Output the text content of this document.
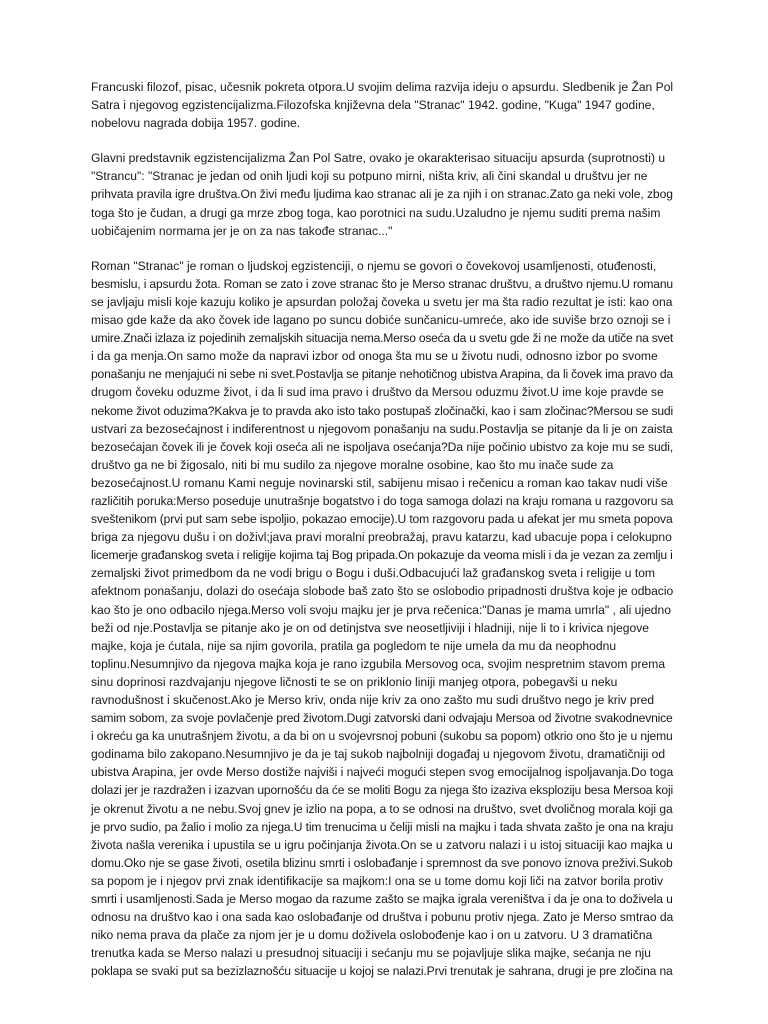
Francuski filozof, pisac, učesnik pokreta otpora.U svojim delima razvija ideju o apsurdu. Sledbenik je Žan Pol
Satra i njegovog egzistencijalizma.Filozofska književna dela "Stranac" 1942. godine, "Kuga" 1947 godine,
nobelovu nagrada dobija 1957. godine.

Glavni predstavnik egzistencijalizma Žan Pol Satre, ovako je okarakterisao situaciju apsurda (suprotnosti) u
"Strancu": "Stranac je jedan od onih ljudi koji su potpuno mirni, ništa kriv, ali čini skandal u društvu jer ne
prihvata pravila igre društva.On živi među ljudima kao stranac ali je za njih i on stranac.Zato ga neki vole, zbog
toga što je čudan, a drugi ga mrze zbog toga, kao porotnici na sudu.Uzaludno je njemu suditi prema našim
uobičajenim normama jer je on za nas takođe stranac..."

Roman "Stranac" je roman o ljudskoj egzistenciji, o njemu se govori o čovekovoj usamljenosti, otuđenosti,
besmislu, i apsurdu žota. Roman se zato i zove stranac što je Merso stranac društvu, a društvo njemu.U romanu
se javljaju misli koje kazuju koliko je apsurdan položaj čoveka u svetu jer ma šta radio rezultat je isti: kao ona
misao gde kaže da ako čovek ide lagano po suncu dobiće sunčanicu-umreće, ako ide suviše brzo oznoji se i
umire.Znači izlaza iz pojedinih zemaljskih situacija nema.Merso oseća da u svetu gde ži ne može da utiče na svet
i da ga menja.On samo može da napravi izbor od onoga šta mu se u životu nudi, odnosno izbor po svome
ponašanju ne menjajući ni sebe ni svet.Postavlja se pitanje nehotičnog ubistva Arapina, da li čovek ima pravo da
drugom čoveku oduzme život, i da li sud ima pravo i društvo da Mersou oduzmu život.U ime koje pravde se
nekome život oduzima?Kakva je to pravda ako isto tako postupaš zločinački, kao i sam zločinac?Mersou se sudi
ustvari za bezosećajnost i indiferentnost u njegovom ponašanju na sudu.Postavlja se pitanje da li je on zaista
bezosećajan čovek ili je čovek koji oseća ali ne ispoljava osećanja?Da nije počinio ubistvo za koje mu se sudi,
društvo ga ne bi žigosalo, niti bi mu sudilo za njegove moralne osobine, kao što mu inače sude za
bezosećajnost.U romanu Kami neguje novinarski stil, sabijenu misao i rečenicu a roman kao takav nudi više
različitih poruka:Merso poseduje unutrašnje bogatstvo i do toga samoga dolazi na kraju romana u razgovoru sa
sveštenikom (prvi put sam sebe ispoljio, pokazao emocije).U tom razgovoru pada u afekat jer mu smeta popova
briga za njegovu dušu i on doživl;java pravi moralni preobražaj, pravu katarzu, kad ubacuje popa i celokupno
licemerje građanskog sveta i religije kojima taj Bog pripada.On pokazuje da veoma misli i da je vezan za zemlju i
zemaljski život primedbom da ne vodi brigu o Bogu i duši.Odbacujući laž građanskog sveta i religije u tom
afektnom ponašanju, dolazi do osećaja slobode baš zato što se oslobodio pripadnosti društva koje je odbacio
kao što je ono odbacilo njega.Merso voli svoju majku jer je prva rečenica:"Danas je mama umrla" , ali ujedno
beži od nje.Postavlja se pitanje ako je on od detinjstva sve neosetljiviji i hladniji, nije li to i krivica njegove
majke, koja je ćutala, nije sa njim govorila, pratila ga pogledom te nije umela da mu da neophodnu
toplinu.Nesumnjivo da njegova majka koja je rano izgubila Mersovog oca, svojim nespretnim stavom prema
sinu doprinosi razdvajanju njegove ličnosti te se on priklonio liniji manjeg otpora, pobegavši u neku
ravnodušnost i skučenost.Ako je Merso kriv, onda nije kriv za ono zašto mu sudi društvo nego je kriv pred
samim sobom, za svoje povlačenje pred životom.Dugi zatvorski dani odvajaju Mersoa od životne svakodnevnice
i okreću ga ka unutrašnjem životu, a da bi on u svojevrsnoj pobuni (sukobu sa popom) otkrio ono što je u njemu
godinama bilo zakopano.Nesumnjivo je da je taj sukob najbolniji događaj u njegovom životu, dramatičniji od
ubistva Arapina, jer ovde Merso dostiže najviši i najveći mogući stepen svog emocijalnog ispoljavanja.Do toga
dolazi jer je razdražen i izazvan upornošću da će se moliti Bogu za njega što izaziva eksploziju besa Mersoa koji
je okrenut životu a ne nebu.Svoj gnev je izlio na popa, a to se odnosi na društvo, svet dvoličnog morala koji ga
je prvo sudio, pa žalio i molio za njega.U tim trenucima u čeliji misli na majku i tada shvata zašto je ona na kraju
života našla verenika i upustila se u igru počinjanja života.On se u zatvoru nalazi i u istoj situaciji kao majka u
domu.Oko nje se gase životi, osetila blizinu smrti i oslobađanje i spremnost da sve ponovo iznova preživi.Sukob
sa popom je i njegov prvi znak identifikacije sa majkom:I ona se u tome domu koji liči na zatvor borila protiv
smrti i usamljenosti.Sada je Merso mogao da razume zašto se majka igrala vereništva i da je ona to doživela u
odnosu na društvo kao i ona sada kao oslobađanje od društva i pobunu protiv njega. Zato je Merso smtrao da
niko nema prava da plače za njom jer je u domu doživela oslobođenje kao i on u zatvoru. U 3 dramatična
trenutka kada se Merso nalazi u presudnoj situaciji i sećanju mu se pojavljuje slika majke, sećanja ne nju
poklapa se svaki put sa bezizlaznošću situacije u kojoj se nalazi.Prvi trenutak je sahrana, drugi je pre zločina na
